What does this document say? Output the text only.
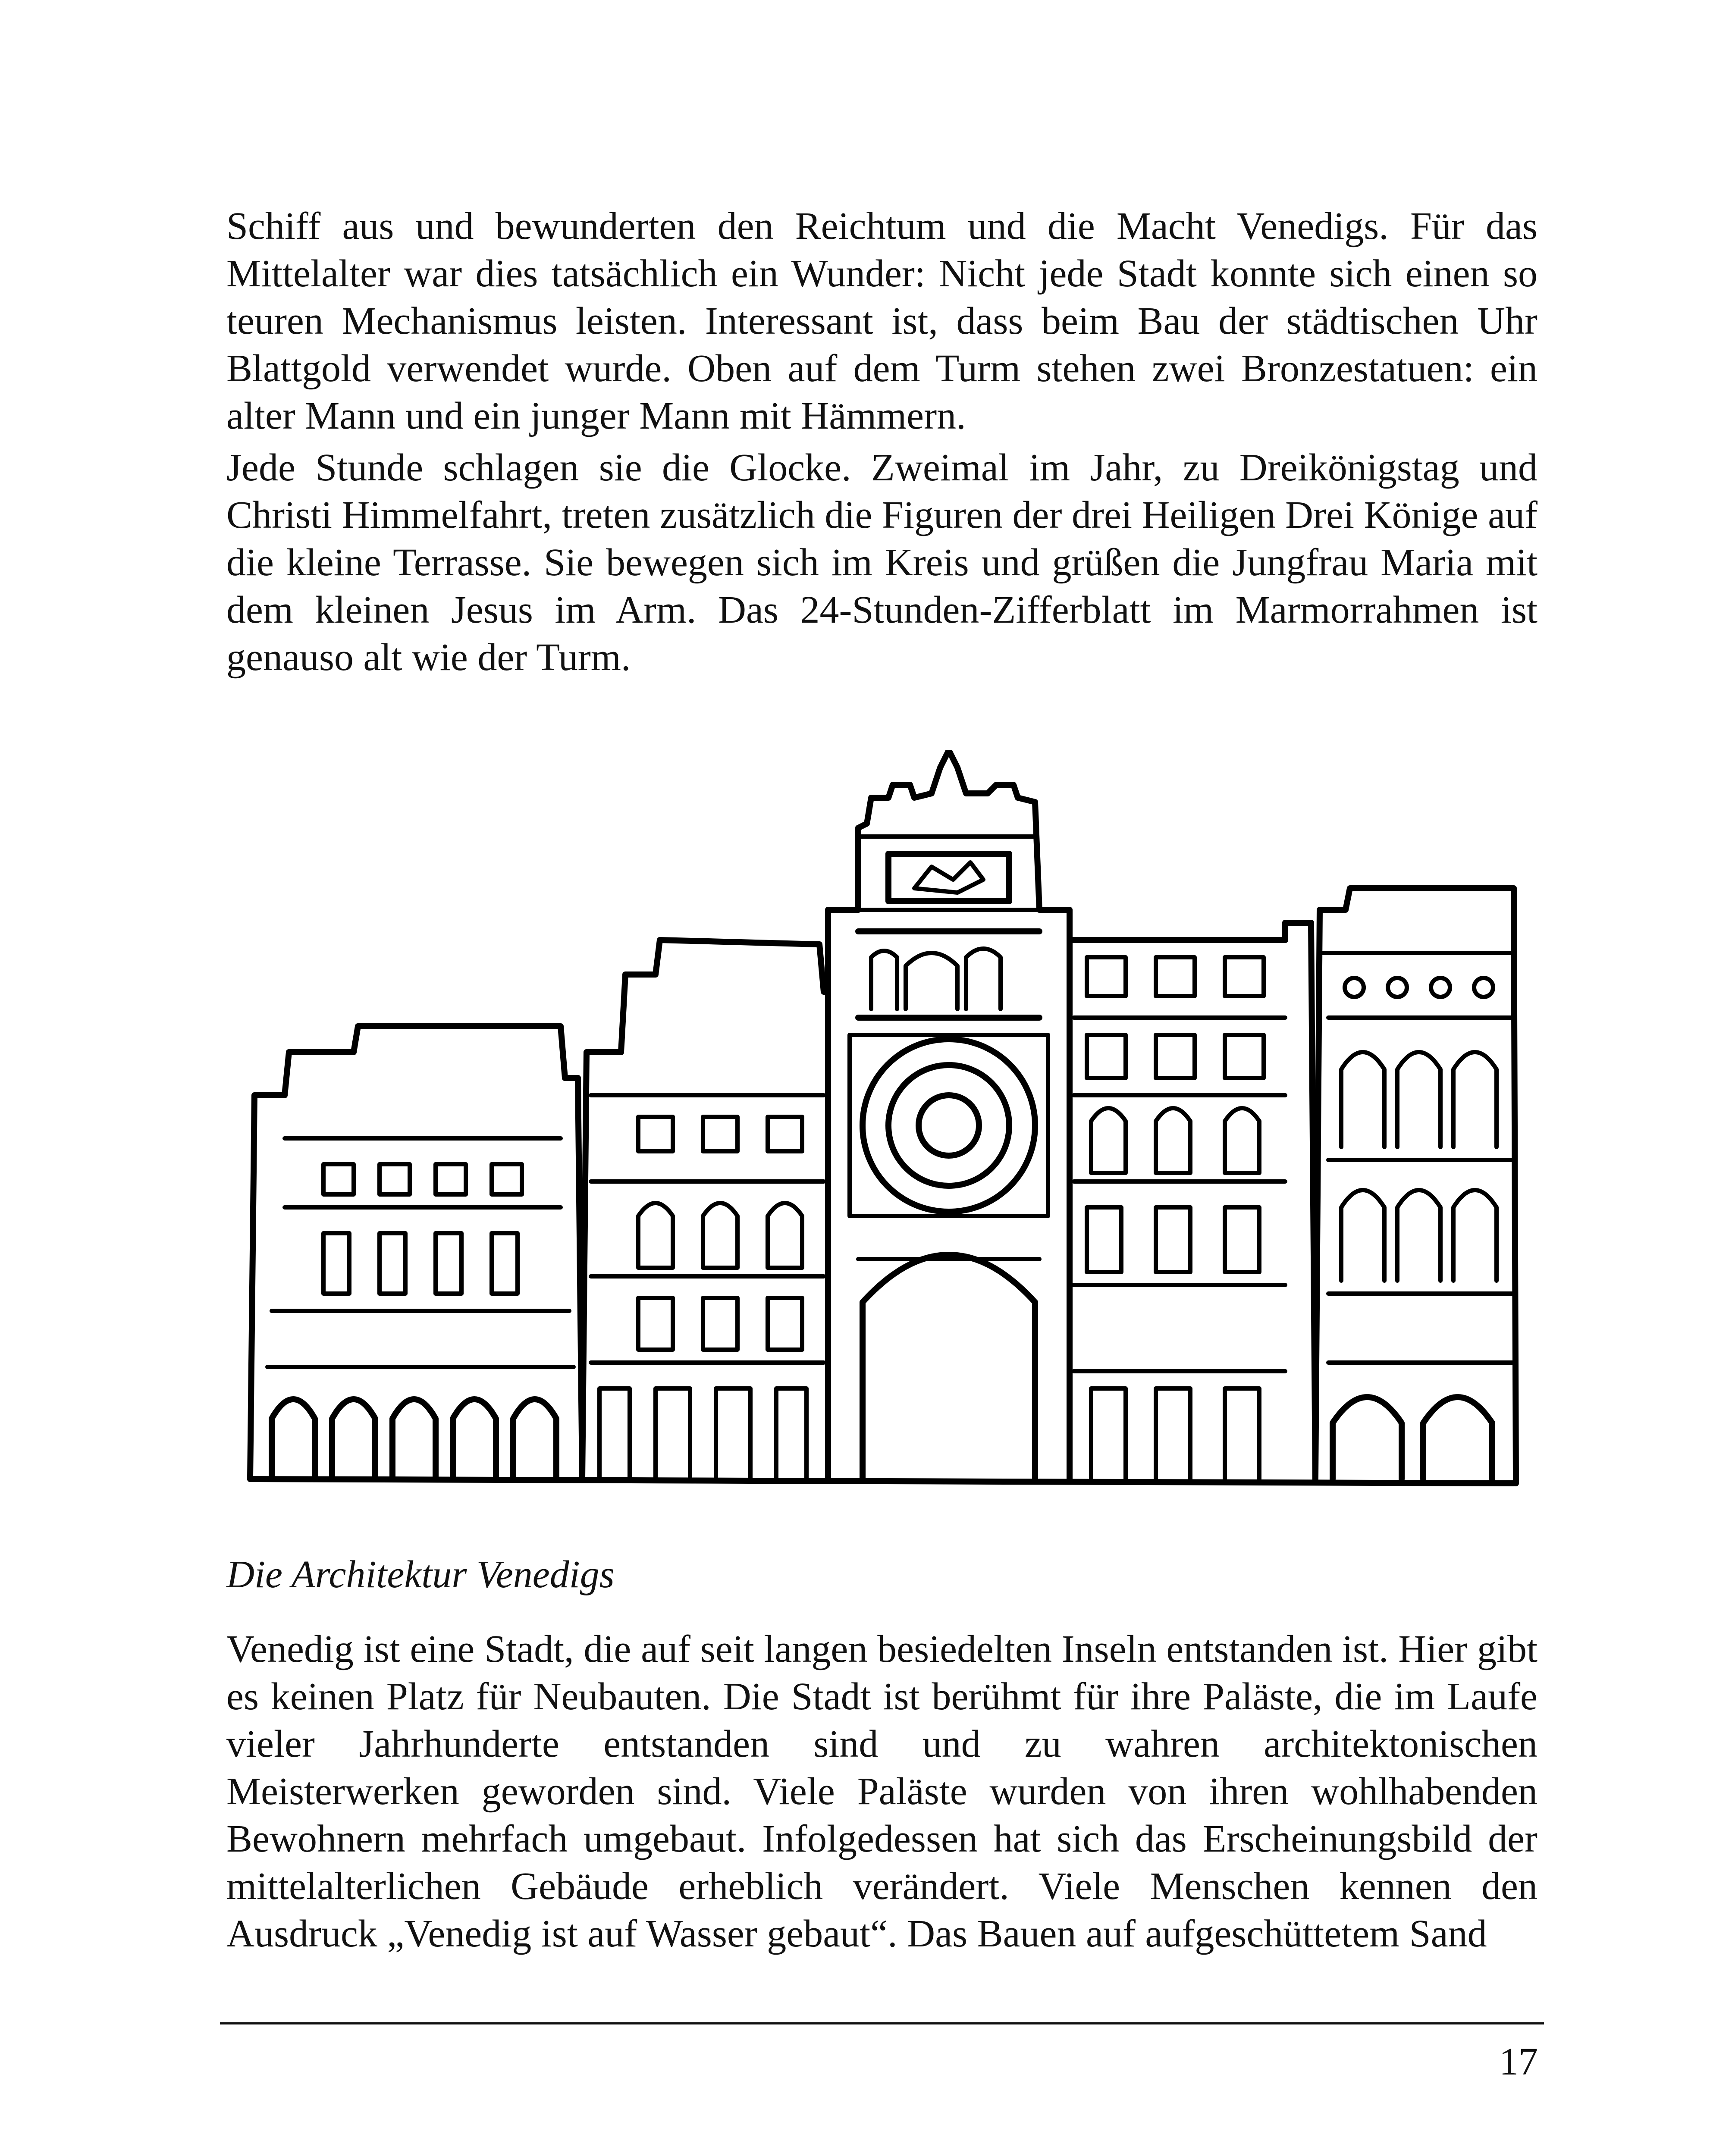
Schiff aus und bewunderten den Reichtum und die Macht Venedigs. Für das Mittelalter war dies tatsächlich ein Wunder: Nicht jede Stadt konnte sich einen so teuren Mechanismus leisten. Interessant ist, dass beim Bau der städtischen Uhr Blattgold verwendet wurde. Oben auf dem Turm stehen zwei Bronzestatuen: ein alter Mann und ein junger Mann mit Hämmern.

Jede Stunde schlagen sie die Glocke. Zweimal im Jahr, zu Dreikönigstag und Christi Himmelfahrt, treten zusätzlich die Figuren der drei Heiligen Drei Könige auf die kleine Terrasse. Sie bewegen sich im Kreis und grüßen die Jungfrau Maria mit dem kleinen Jesus im Arm. Das 24-Stunden-Zifferblatt im Marmorrahmen ist genauso alt wie der Turm.

Die Architektur Venedigs

Venedig ist eine Stadt, die auf seit langen besiedelten Inseln entstanden ist. Hier gibt es keinen Platz für Neubauten. Die Stadt ist berühmt für ihre Paläste, die im Laufe vieler Jahrhunderte entstanden sind und zu wahren architektonischen Meisterwerken geworden sind. Viele Paläste wurden von ihren wohlhabenden Bewohnern mehrfach umgebaut. Infolgedessen hat sich das Erscheinungsbild der mittelalterlichen Gebäude erheblich verändert. Viele Menschen kennen den Ausdruck „Venedig ist auf Wasser gebaut“. Das Bauen auf aufgeschüttetem Sand

17
